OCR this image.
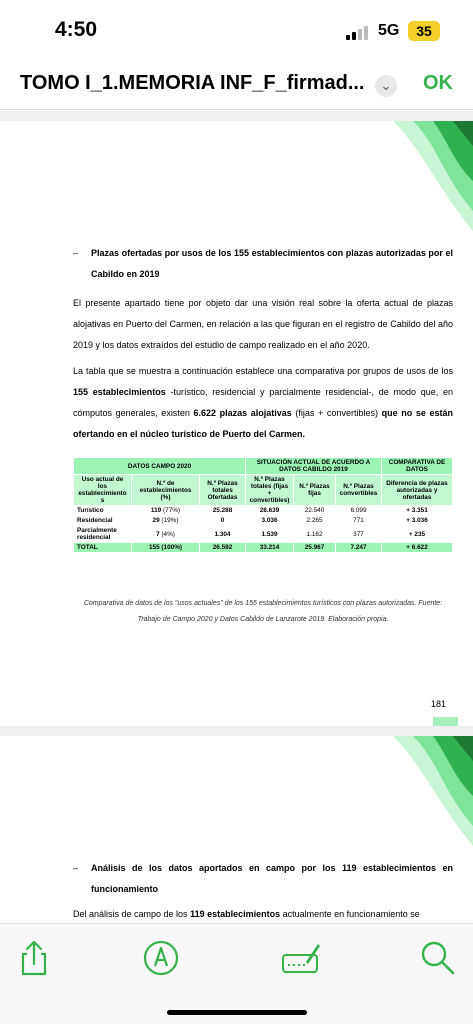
4:50	5G	35
TOMO I_1.MEMORIA INF_F_firmad...	⌄ OK
–	Plazas ofertadas por usos de los 155 establecimientos con plazas autorizadas por el Cabildo en 2019
El presente apartado tiene por objeto dar una visión real sobre la oferta actual de plazas alojativas en Puerto del Carmen, en relación a las que figuran en el registro de Cabildo del año 2019 y los datos extraídos del estudio de campo realizado en el año 2020.
La tabla que se muestra a continuación establece una comparativa por grupos de usos de los 155 establecimientos -turístico, residencial y parcialmente residencial-, de modo que, en cómputos generales, existen 6.622 plazas alojativas (fijas + convertibles) que no se están ofertando en el núcleo turístico de Puerto del Carmen.
DATOS CAMPO 2020			SITUACIÓN ACTUAL DE ACUERDO A DATOS CABILDO 2019			COMPARATIVA DE DATOS
Uso actual de los establecimiento s	N.º de establecimientos (%)	N.º Plazas totales Ofertadas	N.º Plazas totales (fijas + convertibles)	N.º Plazas fijas	N.º Plazas convertibles	Diferencia de plazas autorizadas y ofertadas
Turístico	119 (77%)	25.288	28.639	22.540	6.099	+ 3.351
Residencial	29 (19%)	0	3.036	2.265	771	+ 3.036
Parcialmente residencial	7 (4%)	1.304	1.539	1.162	377	+ 235
TOTAL	155 (100%)	26.592	33.214	25.967	7.247	+ 6.622
Comparativa de datos de los "usos actuales" de los 155 establecimientos turísticos con plazas autorizadas. Fuente: Trabajo de Campo 2020 y Datos Cabildo de Lanzarote 2019. Elaboración propia.
181
–	Análisis de los datos aportados en campo por los 119 establecimientos en funcionamiento
Del análisis de campo de los 119 establecimientos actualmente en funcionamiento se
